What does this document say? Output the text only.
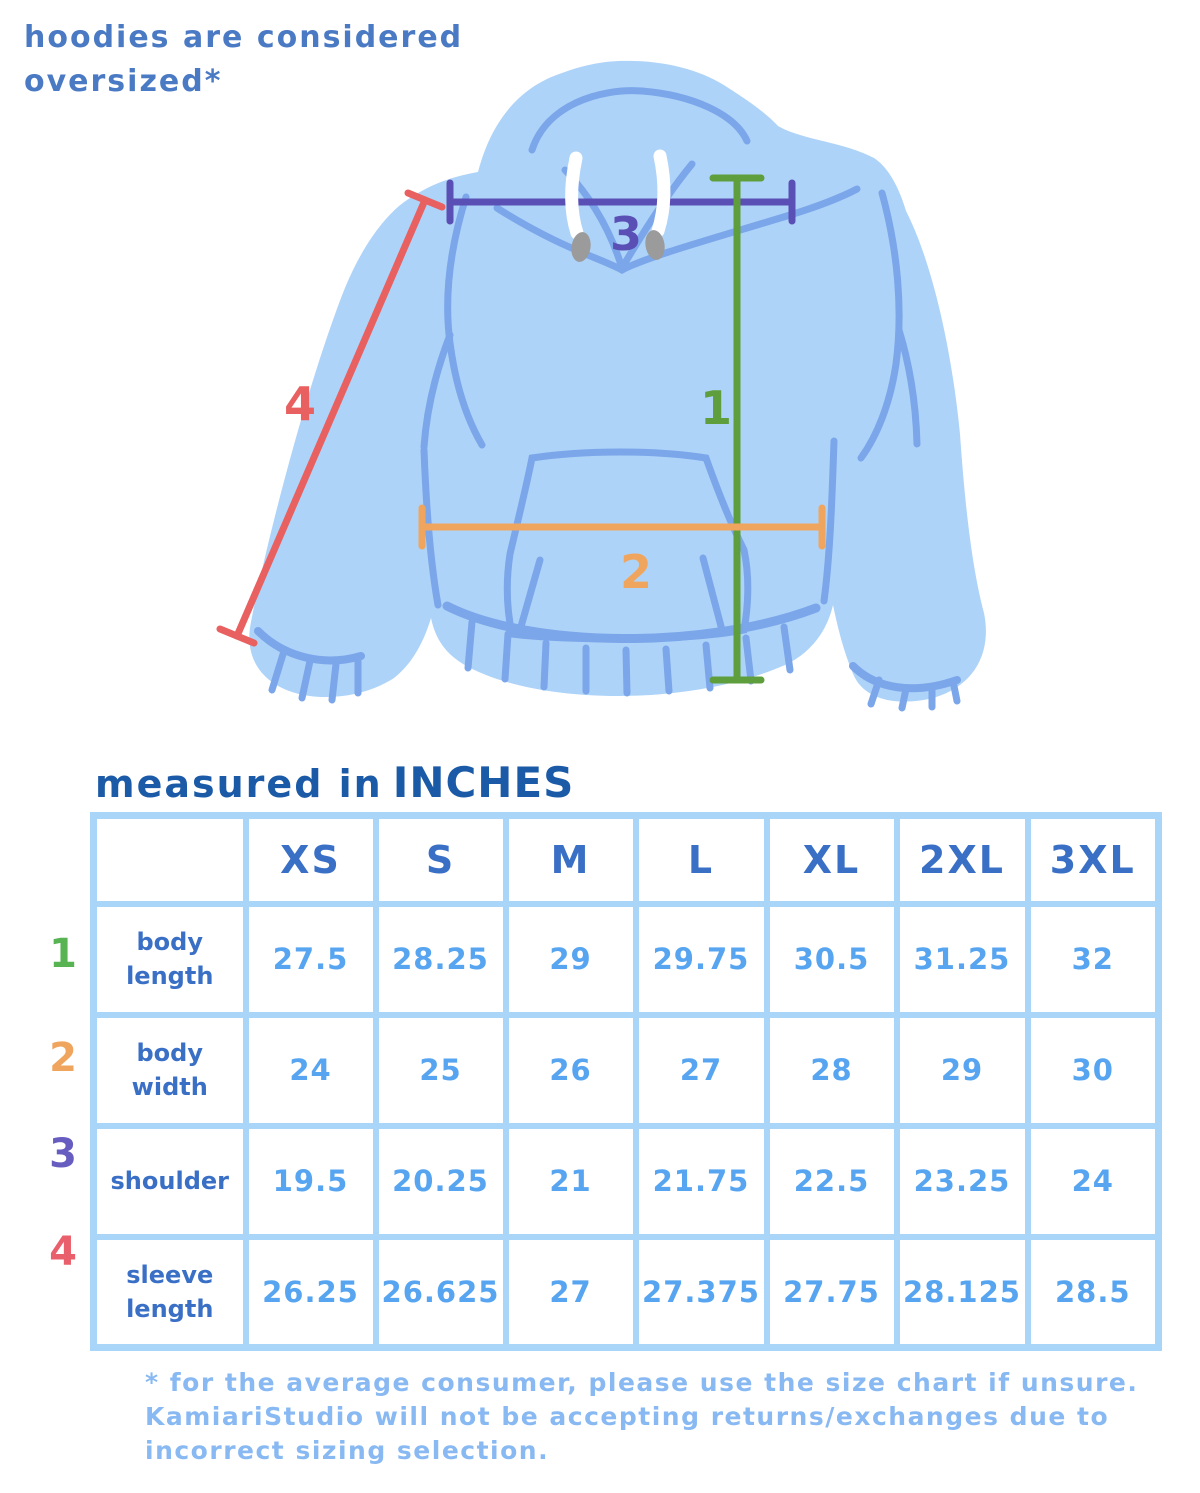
hoodies are considered
oversized*
1
2
3
4
measured in INCHES
1
2
3
4
	XS	S	M	L	XL	2XL	3XL
body length	27.5	28.25	29	29.75	30.5	31.25	32
body width	24	25	26	27	28	29	30
shoulder	19.5	20.25	21	21.75	22.5	23.25	24
sleeve length	26.25	26.625	27	27.375	27.75	28.125	28.5
* for the average consumer, please use the size chart if unsure.
KamiariStudio will not be accepting returns/exchanges due to
incorrect sizing selection.
